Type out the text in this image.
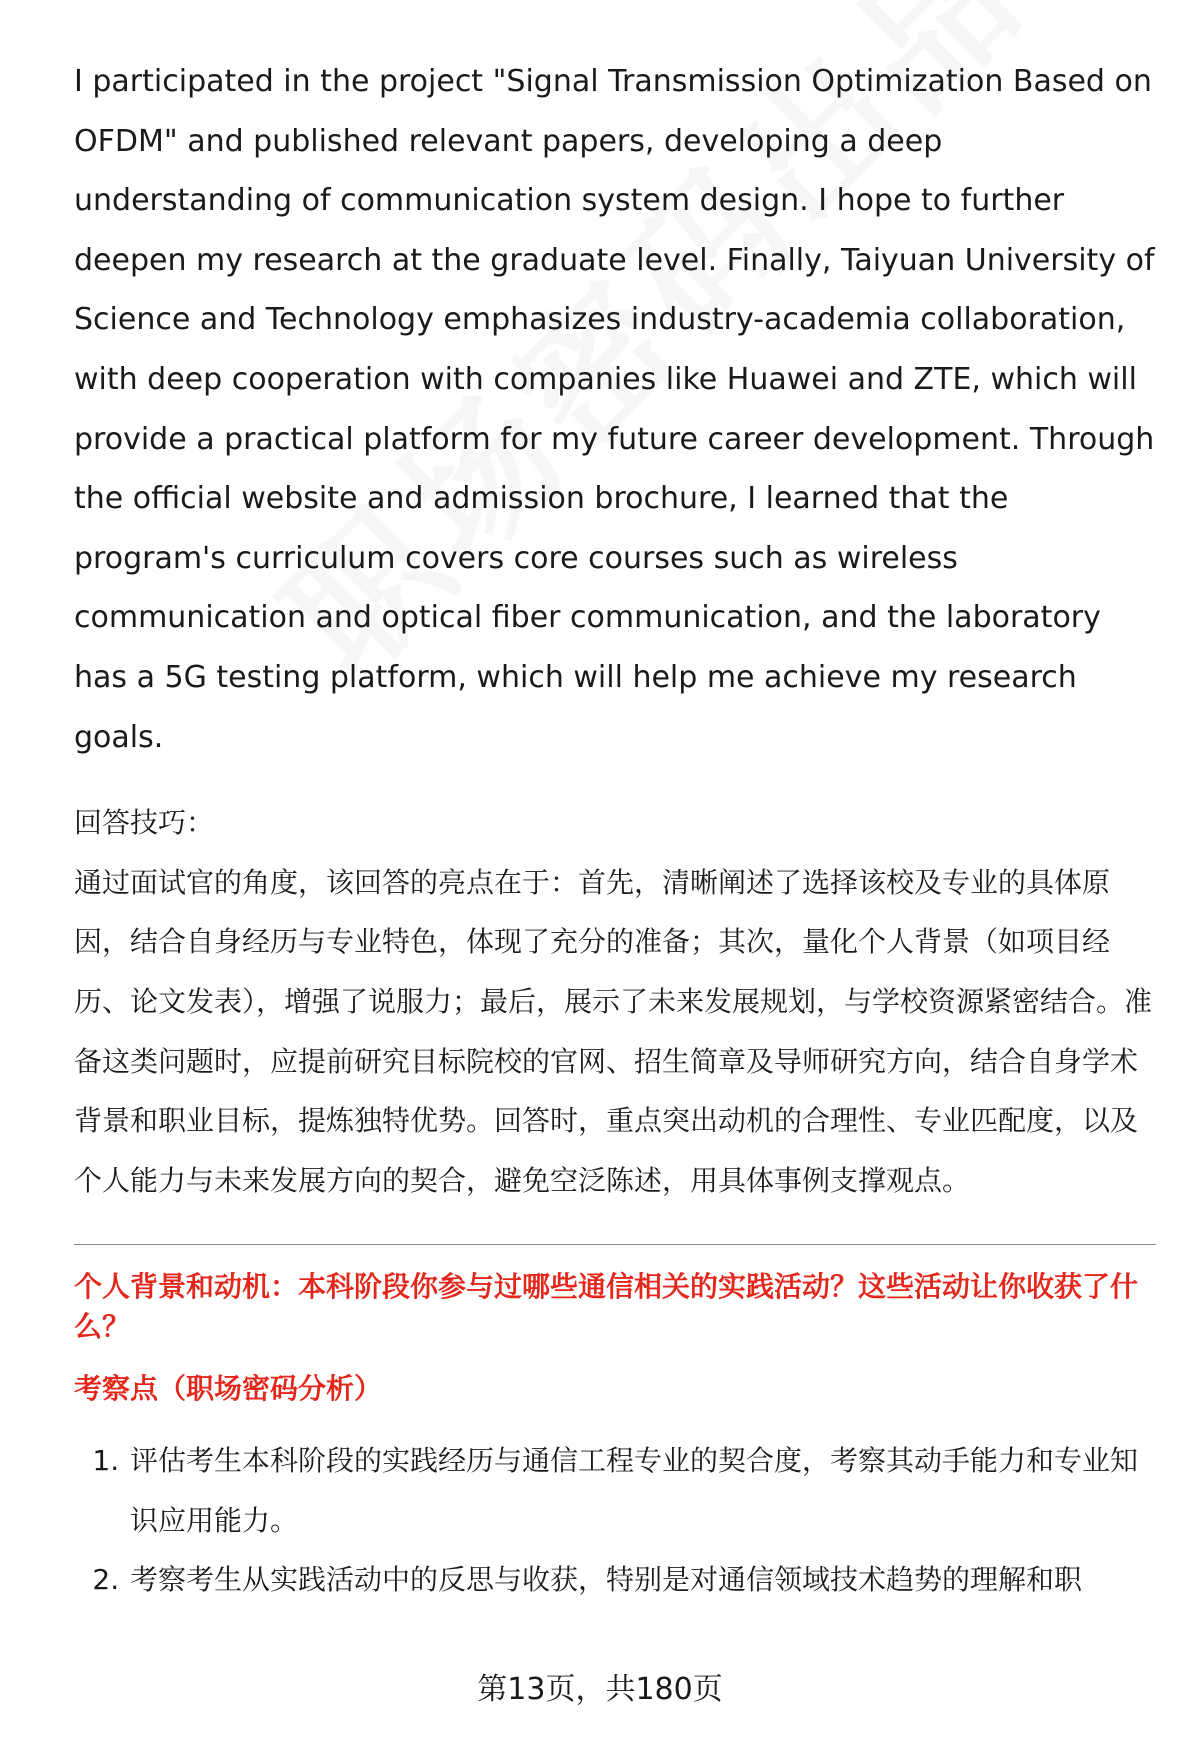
I participated in the project "Signal Transmission Optimization Based on OFDM" and published relevant papers, developing a deep understanding of communication system design. I hope to further deepen my research at the graduate level. Finally, Taiyuan University of Science and Technology emphasizes industry-academia collaboration, with deep cooperation with companies like Huawei and ZTE, which will provide a practical platform for my future career development. Through the official website and admission brochure, I learned that the program's curriculum covers core courses such as wireless communication and optical fiber communication, and the laboratory has a 5G testing platform, which will help me achieve my research goals.

回答技巧：

通过面试官的角度，该回答的亮点在于：首先，清晰阐述了选择该校及专业的具体原因，结合自身经历与专业特色，体现了充分的准备；其次，量化个人背景（如项目经历、论文发表），增强了说服力；最后，展示了未来发展规划，与学校资源紧密结合。准备这类问题时，应提前研究目标院校的官网、招生简章及导师研究方向，结合自身学术背景和职业目标，提炼独特优势。回答时，重点突出动机的合理性、专业匹配度，以及个人能力与未来发展方向的契合，避免空泛陈述，用具体事例支撑观点。

个人背景和动机：本科阶段你参与过哪些通信相关的实践活动？这些活动让你收获了什么？

考察点（职场密码分析）

1. 评估考生本科阶段的实践经历与通信工程专业的契合度，考察其动手能力和专业知识应用能力。
2. 考察考生从实践活动中的反思与收获，特别是对通信领域技术趋势的理解和职
第13页，共180页
